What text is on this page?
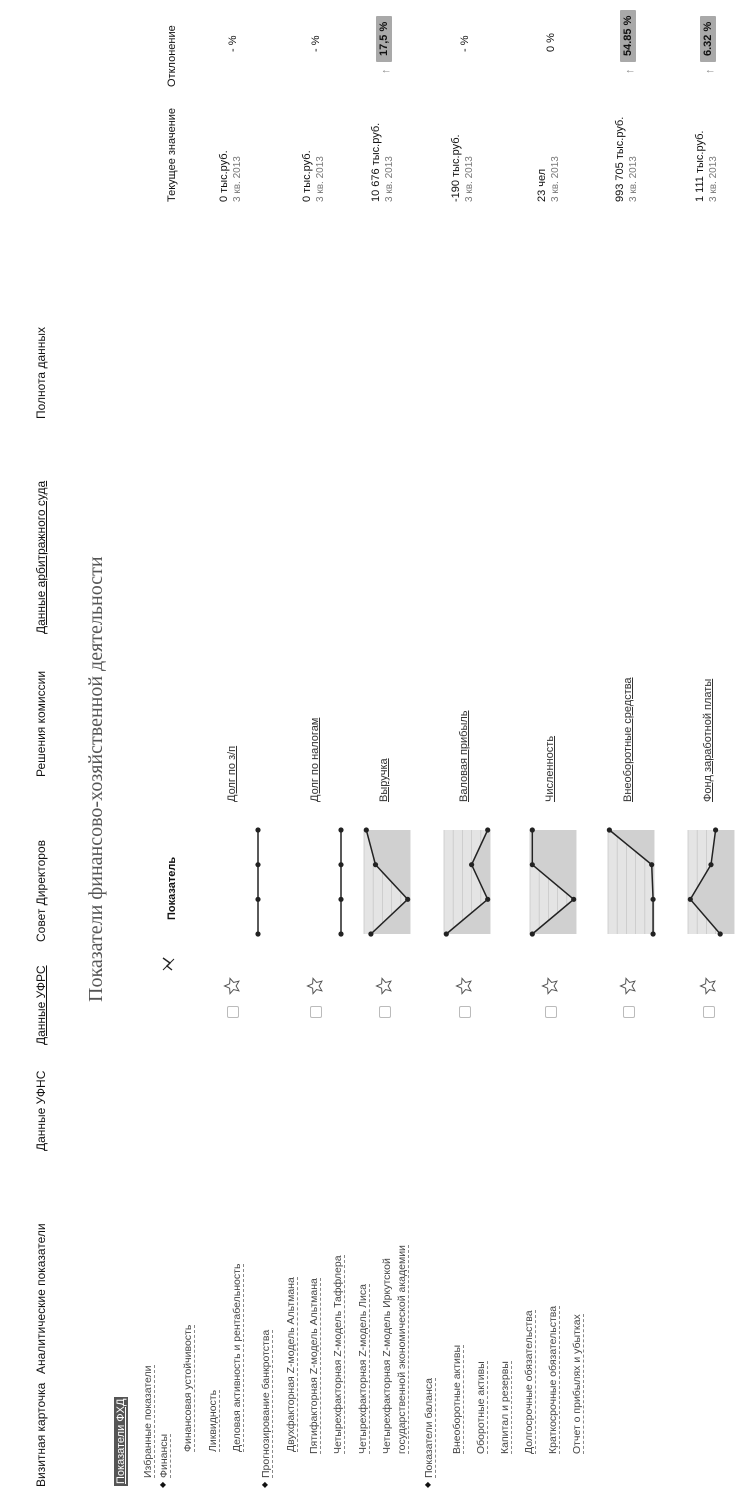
Визитная карточка
Аналитические показатели
Данные УФНС
Данные УФРС
Совет Директоров
Решения комиссии
Данные арбитражного суда
Полнота данных
Показатели ФХД Избранные показатели
◆
Финансы
Финансовая устойчивость Ликвидность Деловая активность и рентабельность
◆
Прогнозирование банкротства Двухфакторная Z-модель Альтмана Пятифакторная Z-модель Альтмана Четырехфакторная Z-модель Таффлера Четырехфакторная Z-модель Лиса Четырехфакторная Z-модель Иркутской государственной экономической академии
◆
Показатели баланса Внеоборотные активы Оборотные активы Капитал и резервы Долгосрочные обязательства Краткосрочные обязательства Отчет о прибылях и убытках
Показатели финансово-хозяйственной деятельности	Показатель
Текущее значение
Отклонение
Долг по з/п
0 тыс.руб. 3 кв. 2013
- %
Долг по налогам
0 тыс.руб. 3 кв. 2013
- %
Выручка
10 676 тыс.руб. 3 кв. 2013
↑
17,5 %
Валовая прибыль
-190 тыс.руб. 3 кв. 2013
- %
Численность
23 чел 3 кв. 2013
0 %
Внеоборотные средства
993 705 тыс.руб. 3 кв. 2013
↑
54.85 %
Фонд заработной платы
1 111 тыс.руб. 3 кв. 2013
↑
6.32 %
